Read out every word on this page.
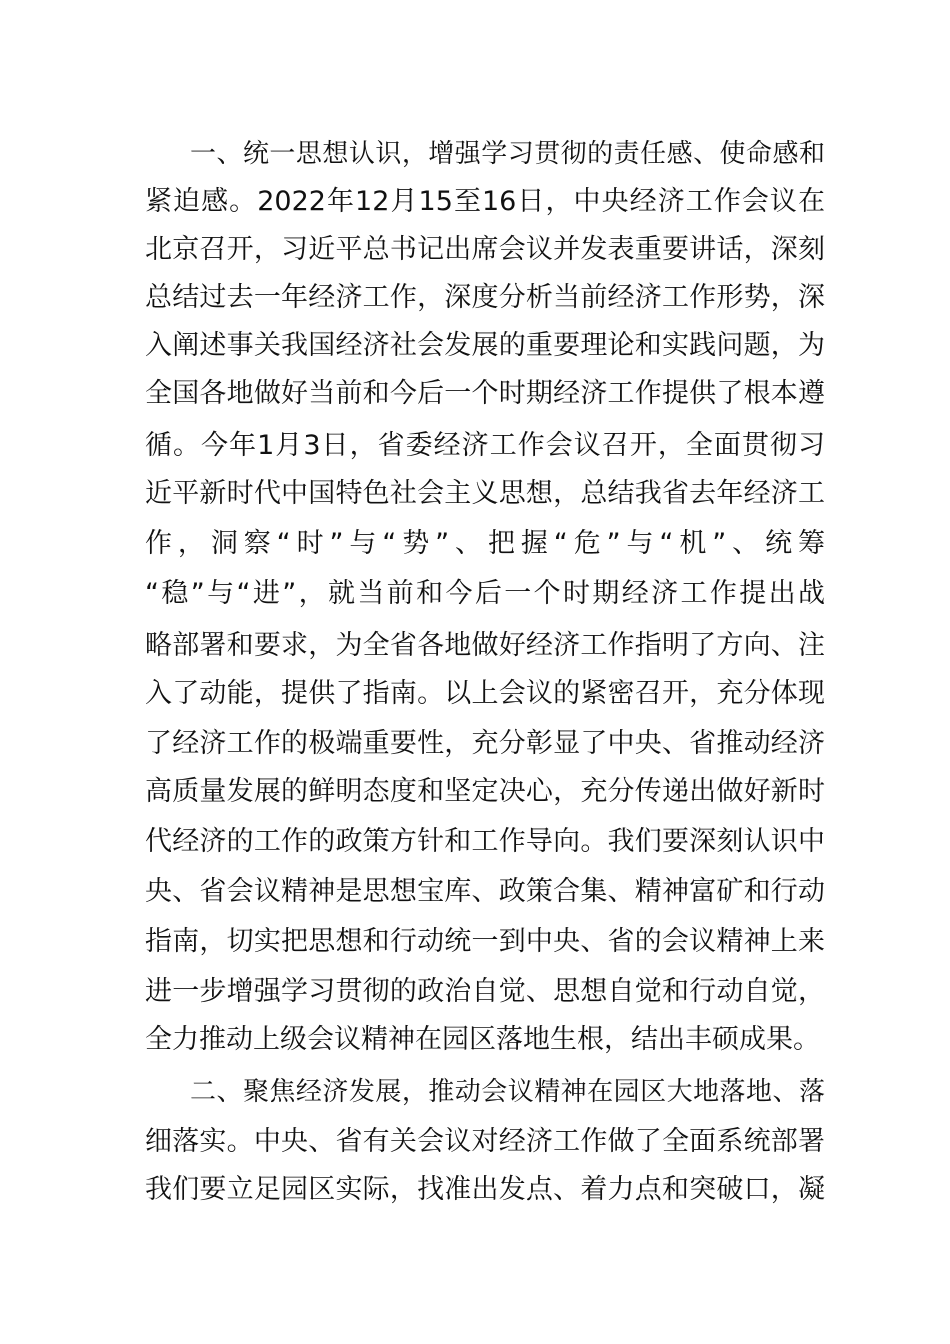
一、统一思想认识，增强学习贯彻的责任感、使命感和

紧迫感。2022年12月15至16日，中央经济工作会议在

北京召开，习近平总书记出席会议并发表重要讲话，深刻

总结过去一年经济工作，深度分析当前经济工作形势，深

入阐述事关我国经济社会发展的重要理论和实践问题，为

全国各地做好当前和今后一个时期经济工作提供了根本遵

循。今年1月3日，省委经济工作会议召开，全面贯彻习

近平新时代中国特色社会主义思想，总结我省去年经济工

作，洞察“时”与“势”、把握“危”与“机”、统筹

“稳”与“进”，就当前和今后一个时期经济工作提出战

略部署和要求，为全省各地做好经济工作指明了方向、注

入了动能，提供了指南。以上会议的紧密召开，充分体现

了经济工作的极端重要性，充分彰显了中央、省推动经济

高质量发展的鲜明态度和坚定决心，充分传递出做好新时

代经济的工作的政策方针和工作导向。我们要深刻认识中

央、省会议精神是思想宝库、政策合集、精神富矿和行动

指南，切实把思想和行动统一到中央、省的会议精神上来

进一步增强学习贯彻的政治自觉、思想自觉和行动自觉，

全力推动上级会议精神在园区落地生根，结出丰硕成果。

二、聚焦经济发展，推动会议精神在园区大地落地、落

细落实。中央、省有关会议对经济工作做了全面系统部署

我们要立足园区实际，找准出发点、着力点和突破口，凝
